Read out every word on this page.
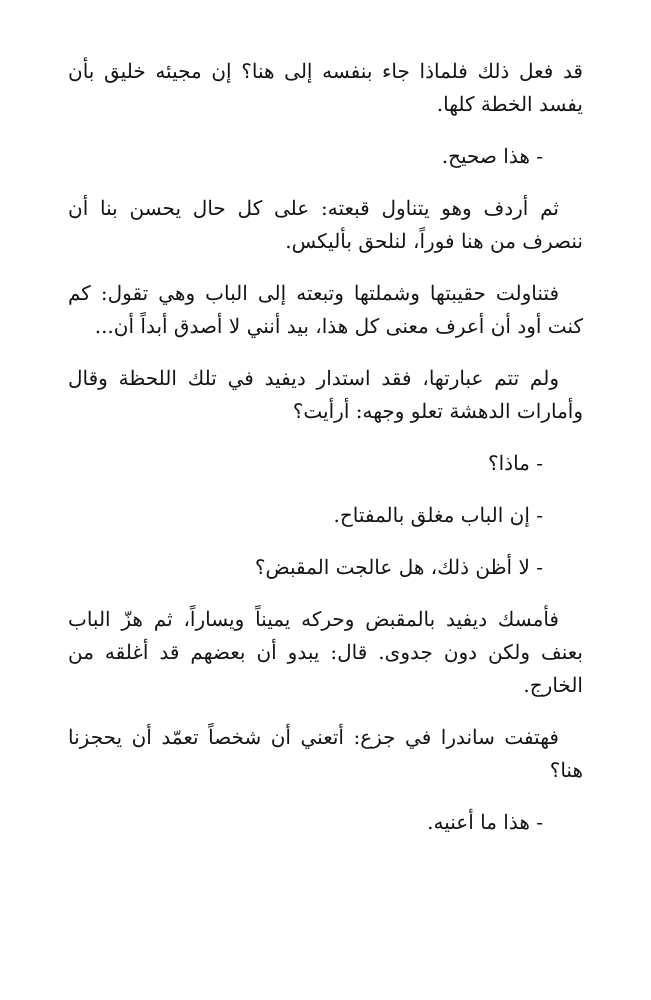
قد فعل ذلك فلماذا جاء بنفسه إلى هنا؟ إن مجيئه خليق بأن يفسد الخطة كلها.

- هذا صحيح.

ثم أردف وهو يتناول قبعته: على كل حال يحسن بنا أن ننصرف من هنا فوراً، لنلحق بأليكس.

فتناولت حقيبتها وشملتها وتبعته إلى الباب وهي تقول: كم كنت أود أن أعرف معنى كل هذا، بيد أنني لا أصدق أبداً أن...

ولم تتم عبارتها، فقد استدار ديفيد في تلك اللحظة وقال وأمارات الدهشة تعلو وجهه: أرأيت؟

- ماذا؟

- إن الباب مغلق بالمفتاح.

- لا أظن ذلك، هل عالجت المقبض؟

فأمسك ديفيد بالمقبض وحركه يميناً ويساراً، ثم هزّ الباب بعنف ولكن دون جدوى. قال: يبدو أن بعضهم قد أغلقه من الخارج.

فهتفت ساندرا في جزع: أتعني أن شخصاً تعمّد أن يحجزنا هنا؟

- هذا ما أعنيه.
